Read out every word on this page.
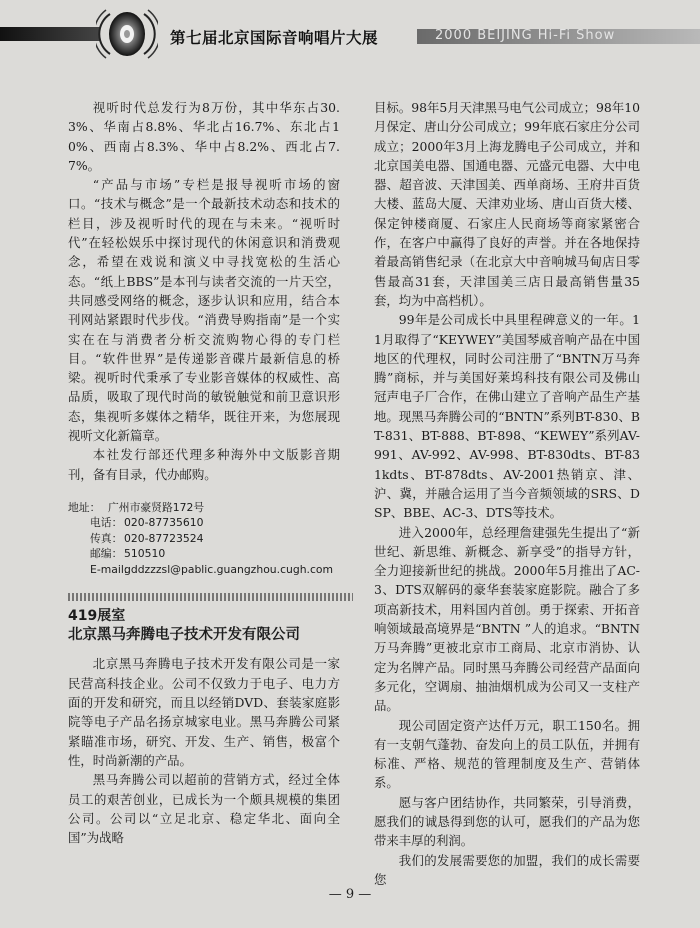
第七届北京国际音响唱片大展	2000 BEIJING Hi-Fi Show

视听时代总发行为8万份，其中华东占30.3%、华南占8.8%、华北占16.7%、东北占10%、西南占8.3%、华中占8.2%、西北占7.7%。

“产品与市场”专栏是报导视听市场的窗口。“技术与概念”是一个最新技术动态和技术的栏目，涉及视听时代的现在与未来。“视听时代”在轻松娱乐中探讨现代的休闲意识和消费观念，希望在戏说和演义中寻找宽松的生活心态。“纸上BBS”是本刊与读者交流的一片天空，共同感受网络的概念，逐步认识和应用，结合本刊网站紧跟时代步伐。“消费导购指南”是一个实实在在与消费者分析交流购物心得的专门栏目。“软件世界”是传递影音碟片最新信息的桥梁。视听时代秉承了专业影音媒体的权威性、高品质，吸取了现代时尚的敏锐触觉和前卫意识形态，集视听多媒体之精华，既往开来，为您展现视听文化新篇章。

本社发行部还代理多种海外中文版影音期刊，备有目录，代办邮购。

地址： 广州市豪贤路172号
电话： 020-87735610
传真： 020-87723524
邮编： 510510
E-mail:
gddzzzsl@pablic.guangzhou.cugh.com
419展室
北京黑马奔腾电子技术开发有限公司

北京黑马奔腾电子技术开发有限公司是一家民营高科技企业。公司不仅致力于电子、电力方面的开发和研究，而且以经销DVD、套装家庭影院等电子产品名扬京城家电业。黑马奔腾公司紧紧瞄准市场，研究、开发、生产、销售，极富个性，时尚新潮的产品。

黑马奔腾公司以超前的营销方式，经过全体员工的艰苦创业，已成长为一个颇具规模的集团公司。公司以“立足北京、稳定华北、面向全国”为战略

目标。98年5月天津黑马电气公司成立；98年10月保定、唐山分公司成立；99年底石家庄分公司成立；2000年3月上海龙腾电子公司成立，并和北京国美电器、国通电器、元盛元电器、大中电器、超音波、天津国美、西单商场、王府井百货大楼、蓝岛大厦、天津劝业场、唐山百货大楼、保定钟楼商厦、石家庄人民商场等商家紧密合作，在客户中赢得了良好的声誉。并在各地保持着最高销售纪录（在北京大中音响城马甸店日零售最高31套，天津国美三店日最高销售量35套，均为中高档机）。

99年是公司成长中具里程碑意义的一年。11月取得了“KEYWEY”美国琴威音响产品在中国地区的代理权，同时公司注册了“BNTN万马奔腾”商标，并与美国好莱坞科技有限公司及佛山冠声电子厂合作，在佛山建立了音响产品生产基地。现黑马奔腾公司的“BNTN”系列BT-830、BT-831、BT-888、BT-898、“KEWEY”系列AV-991、AV-992、AV-998、BT-830dts、BT-831kdts、BT-878dts、AV-2001热销京、津、沪、冀，并融合运用了当今音频领域的SRS、DSP、BBE、AC-3、DTS等技术。

进入2000年，总经理詹建强先生提出了“新世纪、新思维、新概念、新享受”的指导方针，全力迎接新世纪的挑战。2000年5月推出了AC-3、DTS双解码的豪华套装家庭影院。融合了多项高新技术，用料国内首创。勇于探索、开拓音响领域最高境界是“BNTN ”人的追求。“BNTN万马奔腾”更被北京市工商局、北京市消协、认定为名牌产品。同时黑马奔腾公司经营产品面向多元化，空调扇、抽油烟机成为公司又一支柱产品。

现公司固定资产达仟万元，职工150名。拥有一支朝气蓬勃、奋发向上的员工队伍，并拥有标准、严格、规范的管理制度及生产、营销体系。

愿与客户团结协作，共同繁荣，引导消费，愿我们的诚恳得到您的认可，愿我们的产品为您带来丰厚的利润。

我们的发展需要您的加盟，我们的成长需要您

— 9 —
